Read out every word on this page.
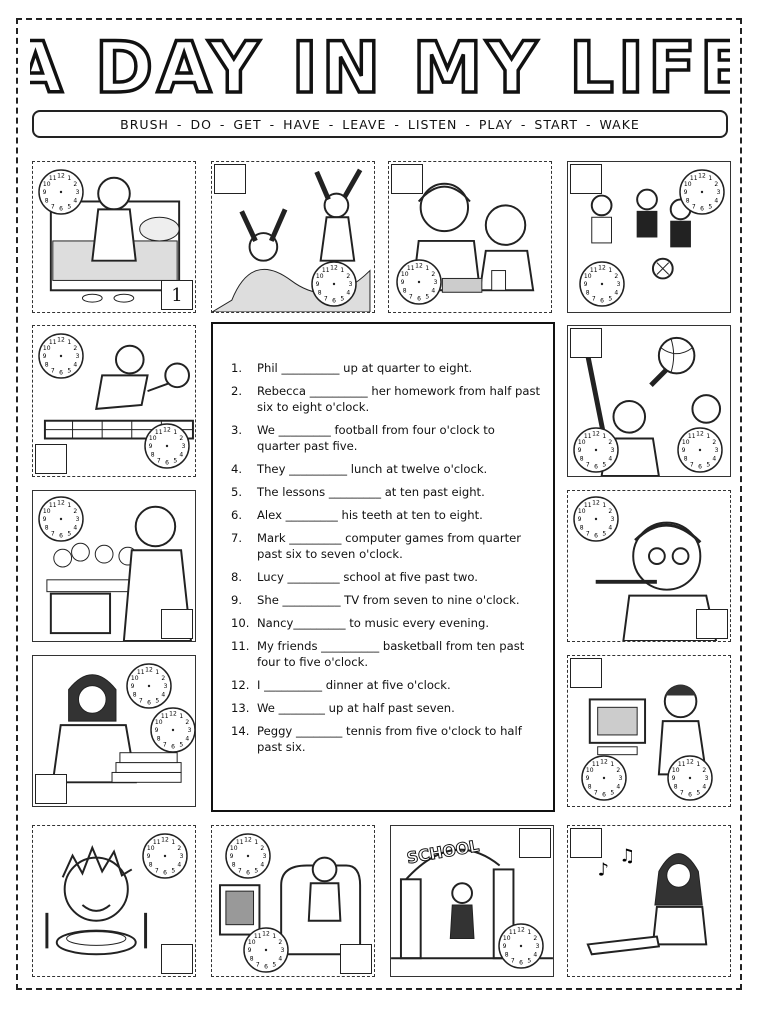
A DAY IN MY LIFE
BRUSH - DO - GET - HAVE - LEAVE - LISTEN - PLAY - START - WAKE
12 1
2
3
4
5
6
7
8
9
10
11
1
12 1
2
3
4
5
6
7
8
9
10
11
12 1
2
3
4
5
6
7
8
9
10
11
12 1
2
3
4
5
6
7
8
9
10
11
12 1
2
3
4
5
6
7
8
9
10
11
12 1
2
3
4
5
6
7
8
9
10
11
12 1
2
3
4
5
6
7
8
9
10
11	12 1
2
3
4
5
6
7
8
9
10
11	12 1
2
3
4
5
6
7
8
9
10
11
12 1
2
3
4
5
6
7
8
9
10
11	12 1
2
3
4
5
6
7
8
9
10
11
12 1
2
3
4
5
6
7
8
9
10
11
12 1
2
3
4
5
6
7
8
9
10
11
12 1
2
3
4
5
6
7
8
9
10
11	12 1
2
3
4
5
6
7
8
9
10
11
12 1
2
3
4
5
6
7
8
9
10
11	12 1
2
3
4
5
6
7
8
9
10
11
12 1
2
3
4
5
6
7
8
9
10
11
SCHOOL
12 1
2
3
4
5
6
7
8
9
10
11
♪
♫
1.	Phil __________ up at quarter to eight.
2.	Rebecca __________ her homework from half past six to eight o'clock.
3.	We _________ football from four o'clock to quarter past five.
4.	They __________ lunch at twelve o'clock.
5.	The lessons _________ at ten past eight.
6.	Alex _________ his teeth at ten to eight.
7.	Mark _________ computer games from quarter past six to seven o'clock.
8.	Lucy _________ school at five past two.
9.	She __________ TV from seven to nine o'clock.
10. Nancy_________ to music every evening.
11. My friends __________ basketball from ten past four to five o'clock.
12. I __________ dinner at five o'clock.
13. We ________ up at half past seven.
14. Peggy ________ tennis from five o'clock to half past six.
